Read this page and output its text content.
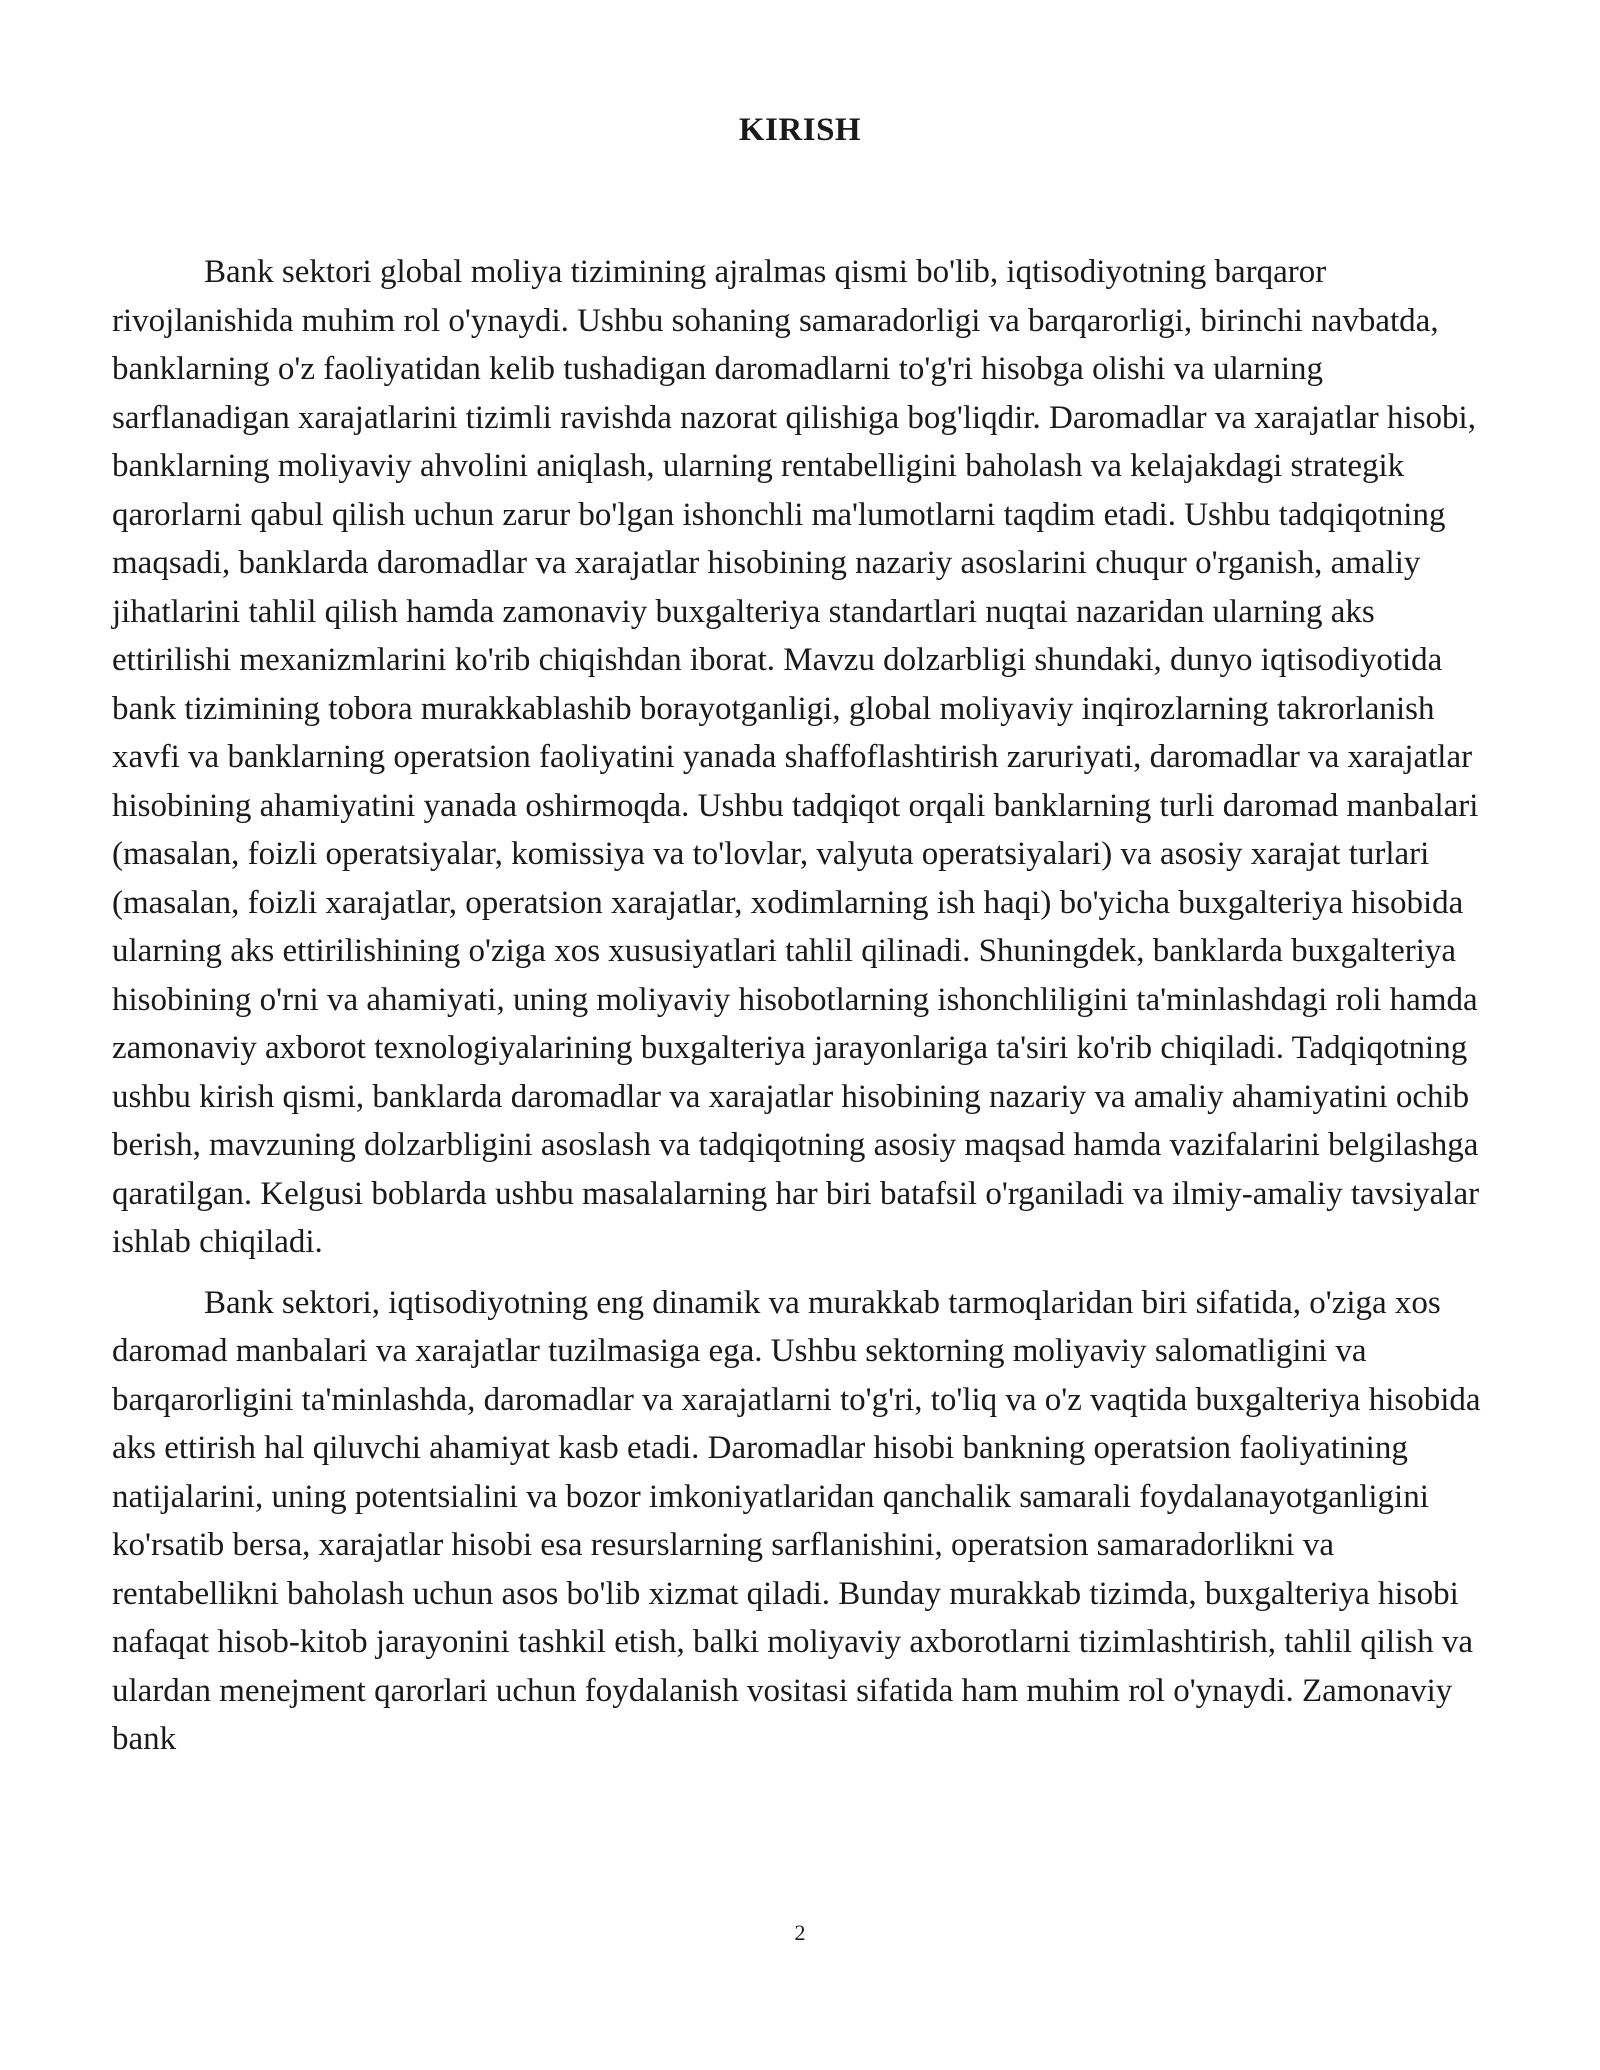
KIRISH

Bank sektori global moliya tizimining ajralmas qismi bo'lib, iqtisodiyotning barqaror rivojlanishida muhim rol o'ynaydi. Ushbu sohaning samaradorligi va barqarorligi, birinchi navbatda, banklarning o'z faoliyatidan kelib tushadigan daromadlarni to'g'ri hisobga olishi va ularning sarflanadigan xarajatlarini tizimli ravishda nazorat qilishiga bog'liqdir. Daromadlar va xarajatlar hisobi, banklarning moliyaviy ahvolini aniqlash, ularning rentabelligini baholash va kelajakdagi strategik qarorlarni qabul qilish uchun zarur bo'lgan ishonchli ma'lumotlarni taqdim etadi. Ushbu tadqiqotning maqsadi, banklarda daromadlar va xarajatlar hisobining nazariy asoslarini chuqur o'rganish, amaliy jihatlarini tahlil qilish hamda zamonaviy buxgalteriya standartlari nuqtai nazaridan ularning aks ettirilishi mexanizmlarini ko'rib chiqishdan iborat. Mavzu dolzarbligi shundaki, dunyo iqtisodiyotida bank tizimining tobora murakkablashib borayotganligi, global moliyaviy inqirozlarning takrorlanish xavfi va banklarning operatsion faoliyatini yanada shaffoflashtirish zaruriyati, daromadlar va xarajatlar hisobining ahamiyatini yanada oshirmoqda. Ushbu tadqiqot orqali banklarning turli daromad manbalari (masalan, foizli operatsiyalar, komissiya va to'lovlar, valyuta operatsiyalari) va asosiy xarajat turlari (masalan, foizli xarajatlar, operatsion xarajatlar, xodimlarning ish haqi) bo'yicha buxgalteriya hisobida ularning aks ettirilishining o'ziga xos xususiyatlari tahlil qilinadi. Shuningdek, banklarda buxgalteriya hisobining o'rni va ahamiyati, uning moliyaviy hisobotlarning ishonchliligini ta'minlashdagi roli hamda zamonaviy axborot texnologiyalarining buxgalteriya jarayonlariga ta'siri ko'rib chiqiladi. Tadqiqotning ushbu kirish qismi, banklarda daromadlar va xarajatlar hisobining nazariy va amaliy ahamiyatini ochib berish, mavzuning dolzarbligini asoslash va tadqiqotning asosiy maqsad hamda vazifalarini belgilashga qaratilgan. Kelgusi boblarda ushbu masalalarning har biri batafsil o'rganiladi va ilmiy-amaliy tavsiyalar ishlab chiqiladi.

Bank sektori, iqtisodiyotning eng dinamik va murakkab tarmoqlaridan biri sifatida, o'ziga xos daromad manbalari va xarajatlar tuzilmasiga ega. Ushbu sektorning moliyaviy salomatligini va barqarorligini ta'minlashda, daromadlar va xarajatlarni to'g'ri, to'liq va o'z vaqtida buxgalteriya hisobida aks ettirish hal qiluvchi ahamiyat kasb etadi. Daromadlar hisobi bankning operatsion faoliyatining natijalarini, uning potentsialini va bozor imkoniyatlaridan qanchalik samarali foydalanayotganligini ko'rsatib bersa, xarajatlar hisobi esa resurslarning sarflanishini, operatsion samaradorlikni va rentabellikni baholash uchun asos bo'lib xizmat qiladi. Bunday murakkab tizimda, buxgalteriya hisobi nafaqat hisob-kitob jarayonini tashkil etish, balki moliyaviy axborotlarni tizimlashtirish, tahlil qilish va ulardan menejment qarorlari uchun foydalanish vositasi sifatida ham muhim rol o'ynaydi. Zamonaviy bank

2
